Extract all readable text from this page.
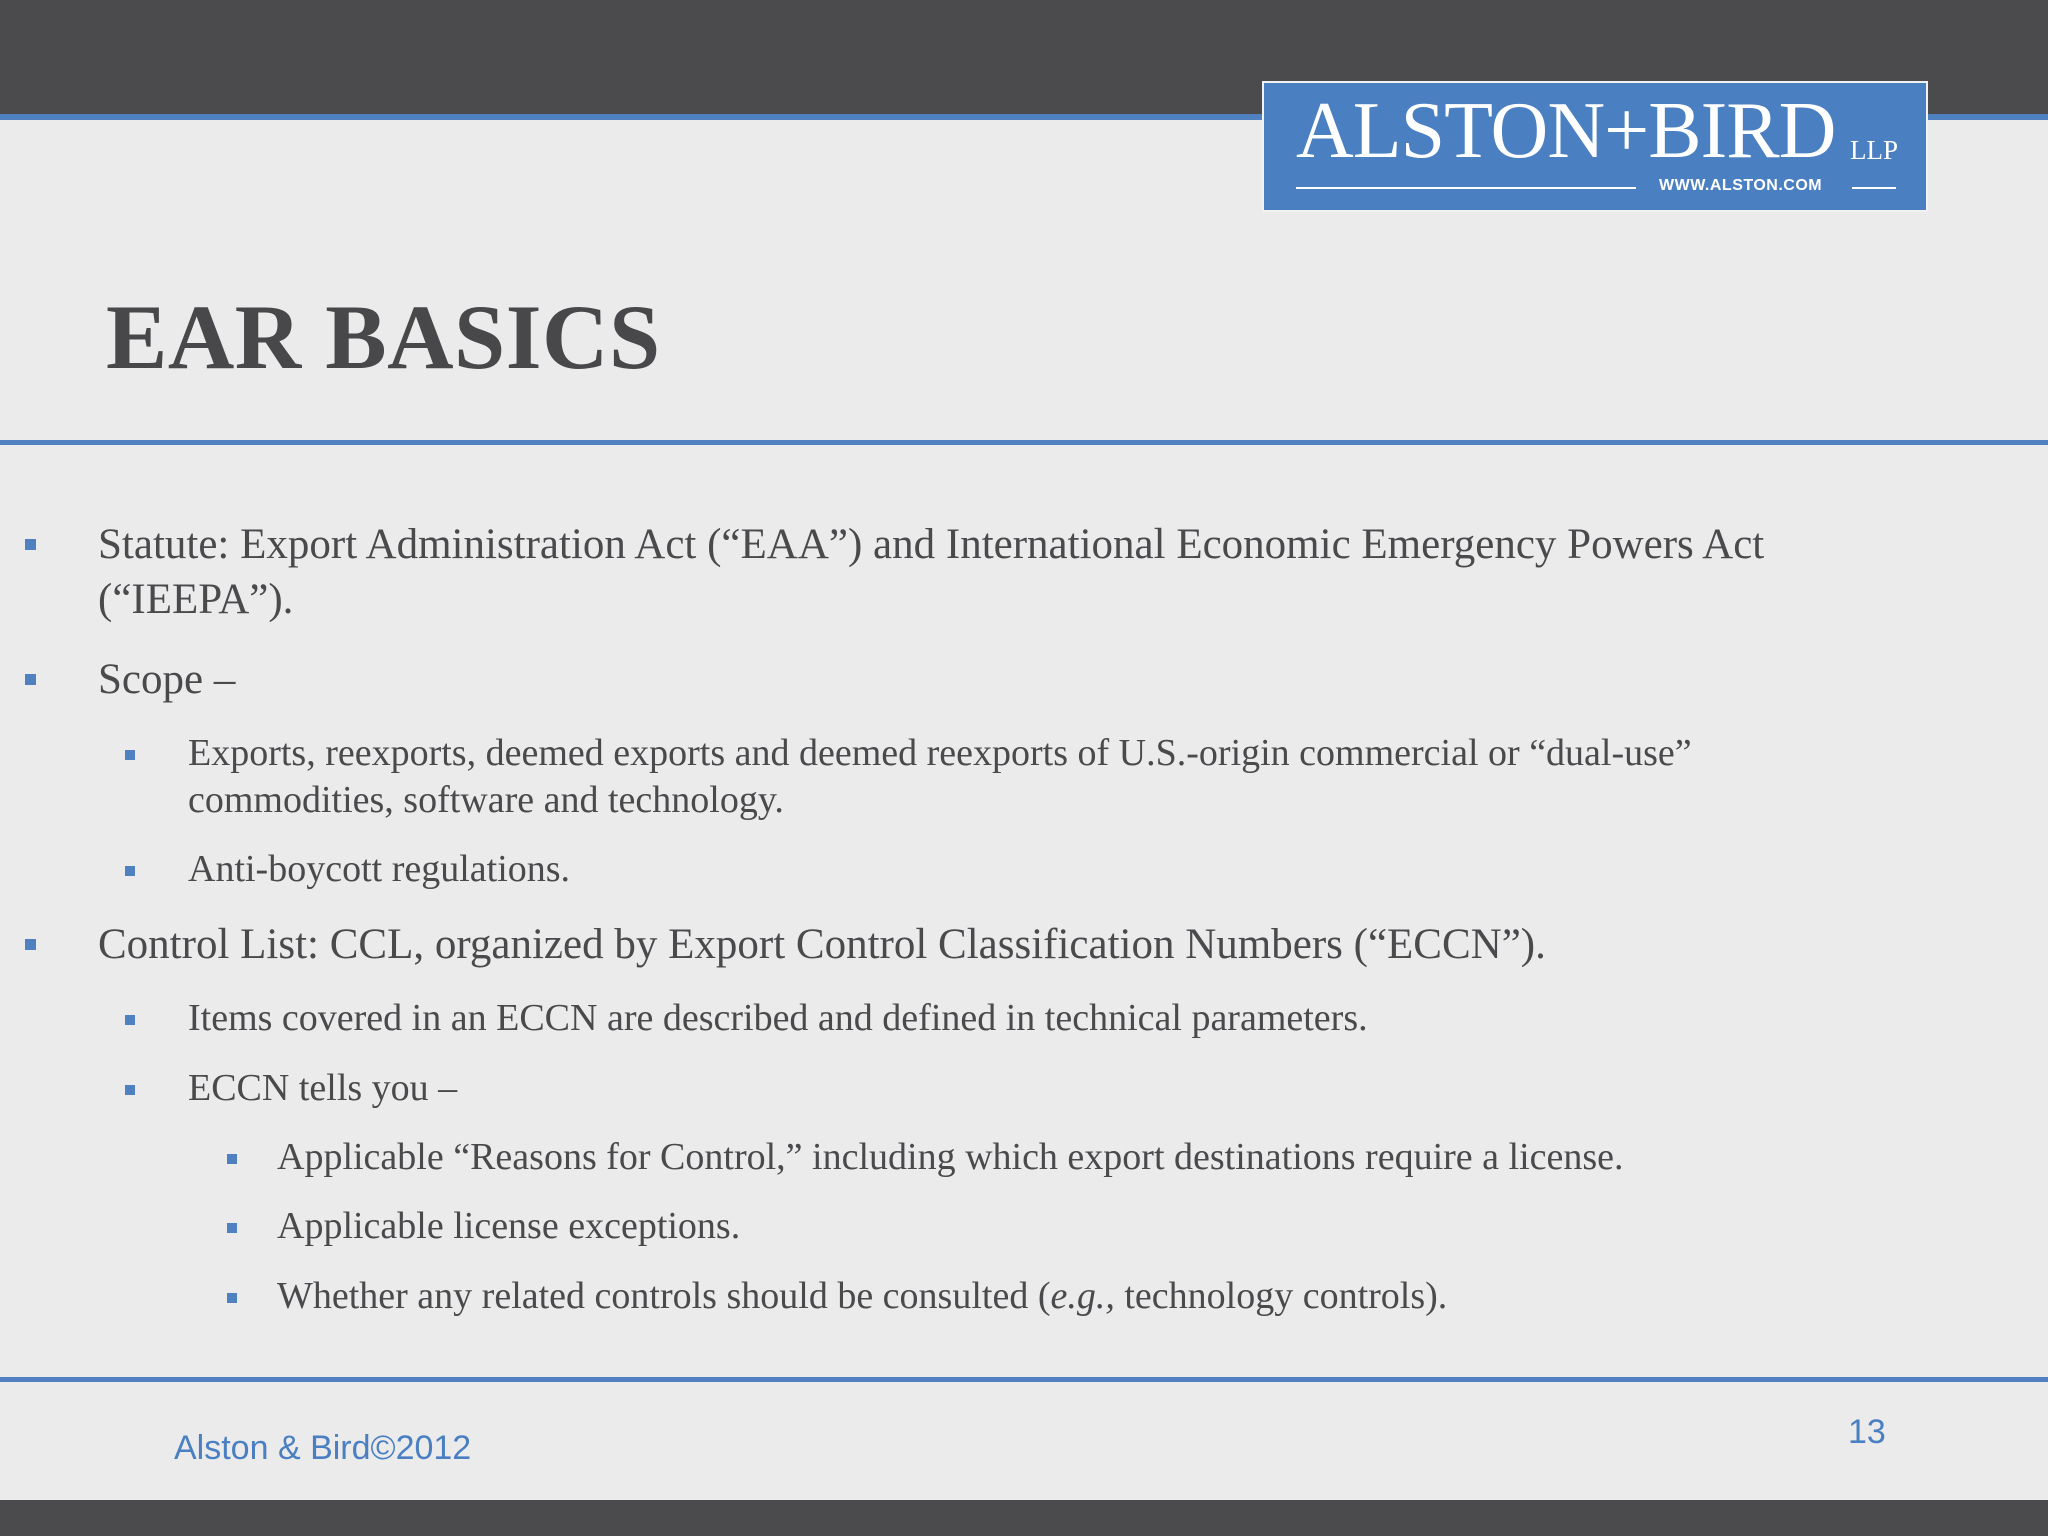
ALSTON+BIRD LLP
WWW.ALSTON.COM
EAR BASICS
Statute: Export Administration Act (“EAA”) and International Economic Emergency Powers Act (“IEEPA”).
Scope –
Exports, reexports, deemed exports and deemed reexports of U.S.-origin commercial or “dual-use” commodities, software and technology.
Anti-boycott regulations.
Control List: CCL, organized by Export Control Classification Numbers (“ECCN”).
Items covered in an ECCN are described and defined in technical parameters.
ECCN tells you –
Applicable “Reasons for Control,” including which export destinations require a license.
Applicable license exceptions.
Whether any related controls should be consulted (e.g., technology controls).
Alston & Bird©2012	13
